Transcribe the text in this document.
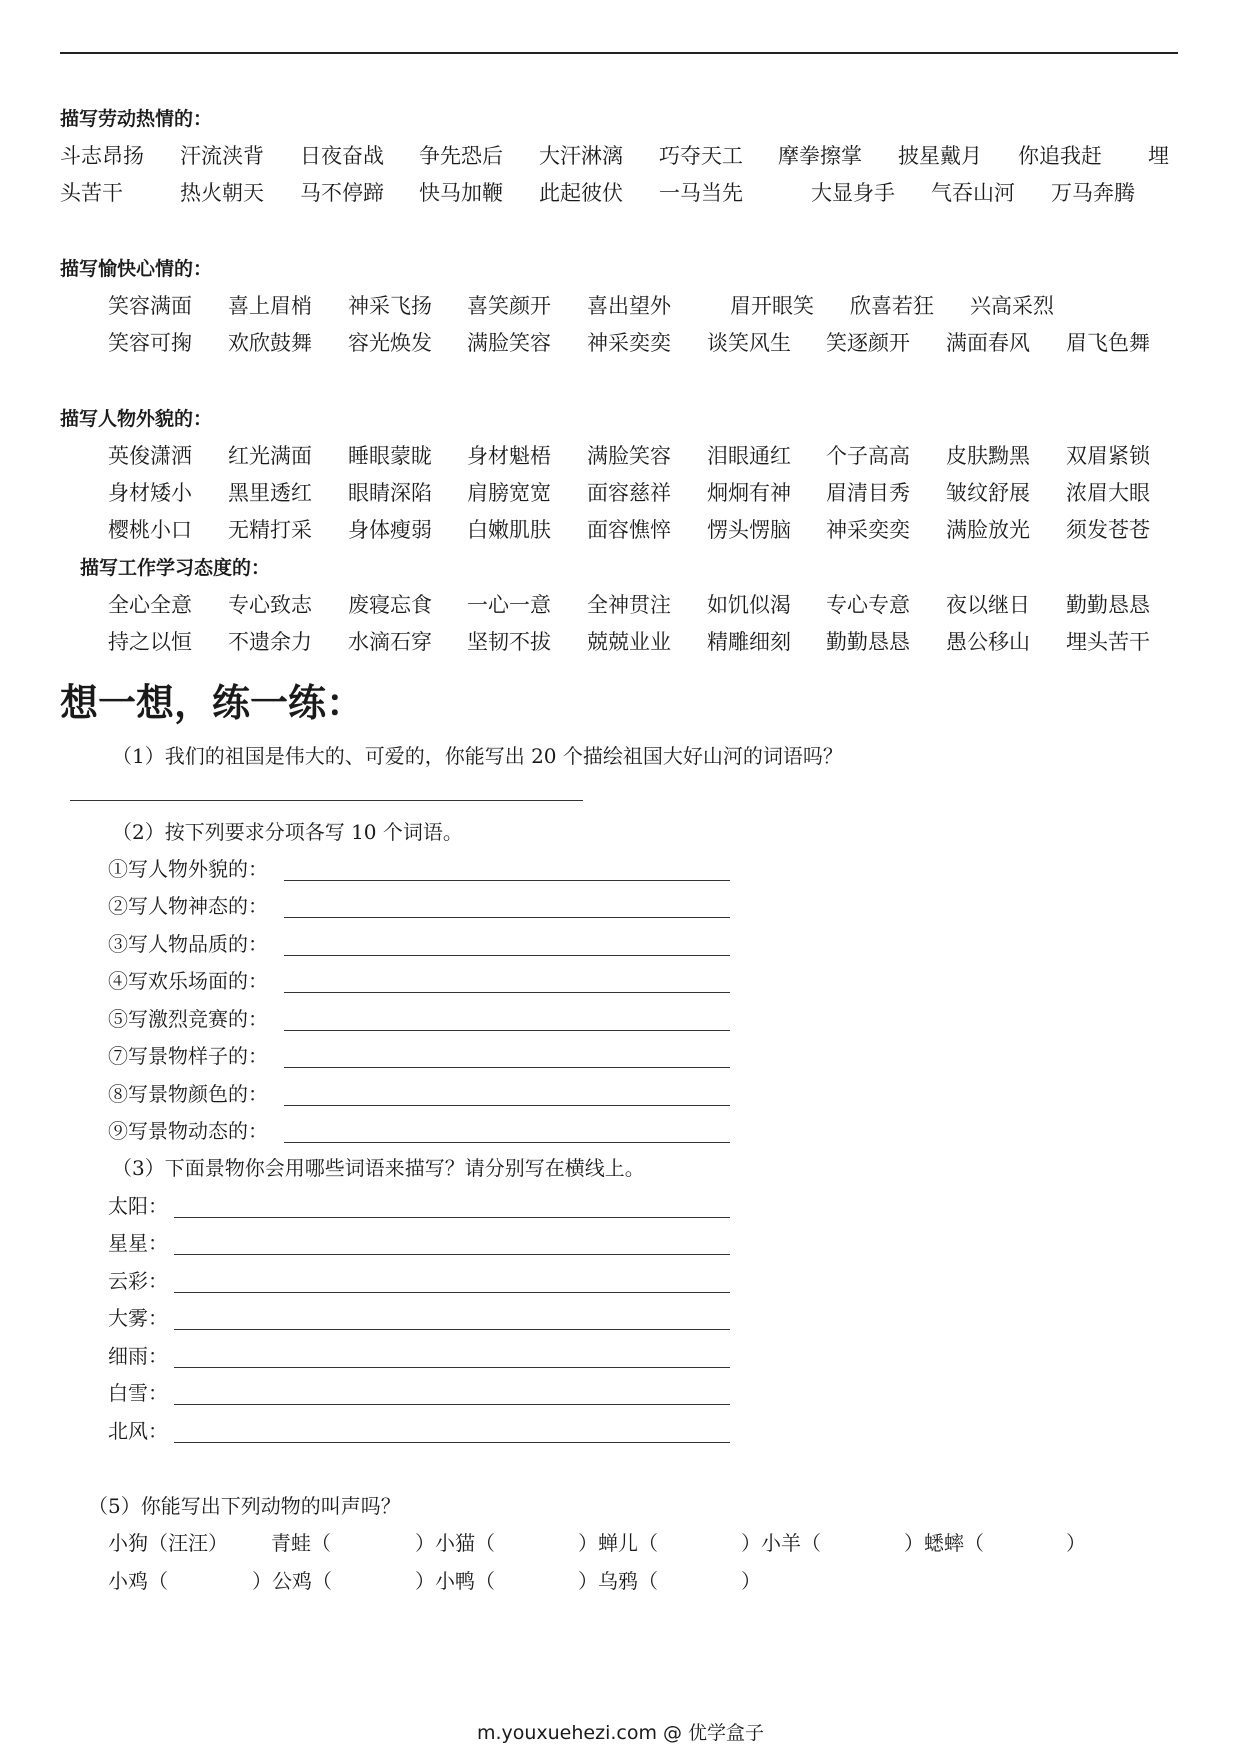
描写劳动热情的：
斗志昂扬 汗流浃背 日夜奋战 争先恐后 大汗淋漓 巧夺天工 摩拳擦掌 披星戴月 你追我赶 埋
头苦干	热火朝天 马不停蹄 快马加鞭 此起彼伏 一马当先	大显身手 气吞山河 万马奔腾
描写愉快心情的：
笑容满面 喜上眉梢 神采飞扬 喜笑颜开 喜出望外	眉开眼笑 欣喜若狂 兴高采烈
笑容可掬 欢欣鼓舞 容光焕发 满脸笑容 神采奕奕 谈笑风生 笑逐颜开 满面春风 眉飞色舞
描写人物外貌的：
英俊潇洒 红光满面 睡眼蒙眬 身材魁梧 满脸笑容 泪眼通红 个子高高 皮肤黝黑 双眉紧锁
身材矮小 黑里透红 眼睛深陷 肩膀宽宽 面容慈祥 炯炯有神 眉清目秀 皱纹舒展 浓眉大眼
樱桃小口 无精打采 身体瘦弱 白嫩肌肤 面容憔悴 愣头愣脑 神采奕奕 满脸放光 须发苍苍
描写工作学习态度的：
全心全意 专心致志 废寝忘食 一心一意 全神贯注 如饥似渴 专心专意 夜以继日 勤勤恳恳
持之以恒 不遗余力 水滴石穿 坚韧不拔 兢兢业业 精雕细刻 勤勤恳恳 愚公移山 埋头苦干
想一想，练一练：
（1）我们的祖国是伟大的、可爱的，你能写出 20 个描绘祖国大好山河的词语吗？
（2）按下列要求分项各写 10 个词语。
①写人物外貌的：
②写人物神态的：
③写人物品质的：
④写欢乐场面的：
⑤写激烈竞赛的：
⑦写景物样子的：
⑧写景物颜色的：
⑨写景物动态的：
（3）下面景物你会用哪些词语来描写？请分别写在横线上。
太阳：
星星：
云彩：
大雾：
细雨：
白雪：
北风：
（5）你能写出下列动物的叫声吗？
小狗（汪汪） 青蛙（	）小猫（	）蝉儿（	）小羊（	）蟋蟀（	）
小鸡（	）公鸡（	）小鸭（	）乌鸦（	）
m.youxuehezi.com @ 优学盒子
